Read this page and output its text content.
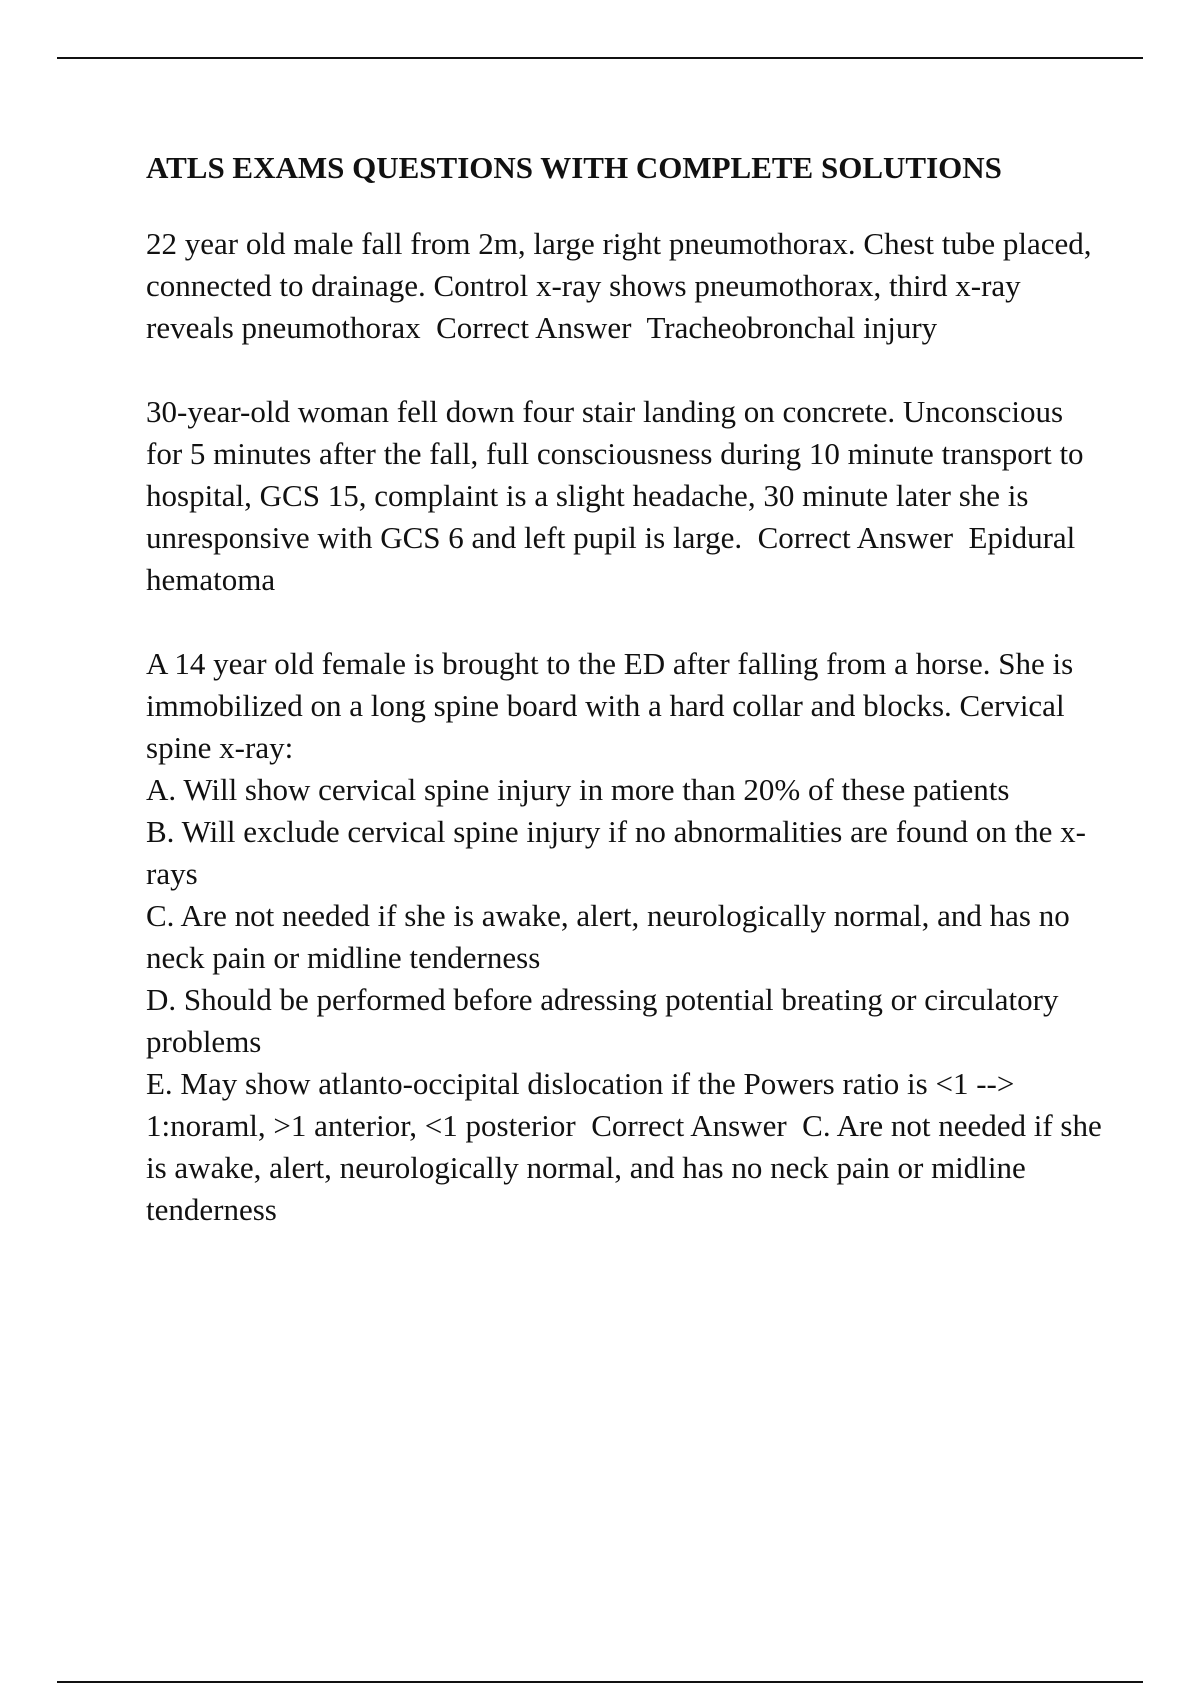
ATLS EXAMS QUESTIONS WITH COMPLETE SOLUTIONS

22 year old male fall from 2m, large right pneumothorax. Chest tube placed, connected to drainage. Control x-ray shows pneumothorax, third x-ray reveals pneumothorax  Correct Answer  Tracheobronchal injury

30-year-old woman fell down four stair landing on concrete. Unconscious for 5 minutes after the fall, full consciousness during 10 minute transport to hospital, GCS 15, complaint is a slight headache, 30 minute later she is unresponsive with GCS 6 and left pupil is large.  Correct Answer  Epidural hematoma

A 14 year old female is brought to the ED after falling from a horse. She is immobilized on a long spine board with a hard collar and blocks. Cervical spine x-ray:

A. Will show cervical spine injury in more than 20% of these patients

B. Will exclude cervical spine injury if no abnormalities are found on the x-rays

C. Are not needed if she is awake, alert, neurologically normal, and has no neck pain or midline tenderness

D. Should be performed before adressing potential breating or circulatory problems

E. May show atlanto-occipital dislocation if the Powers ratio is <1 --> 1:noraml, >1 anterior, <1 posterior  Correct Answer  C. Are not needed if she is awake, alert, neurologically normal, and has no neck pain or midline tenderness
